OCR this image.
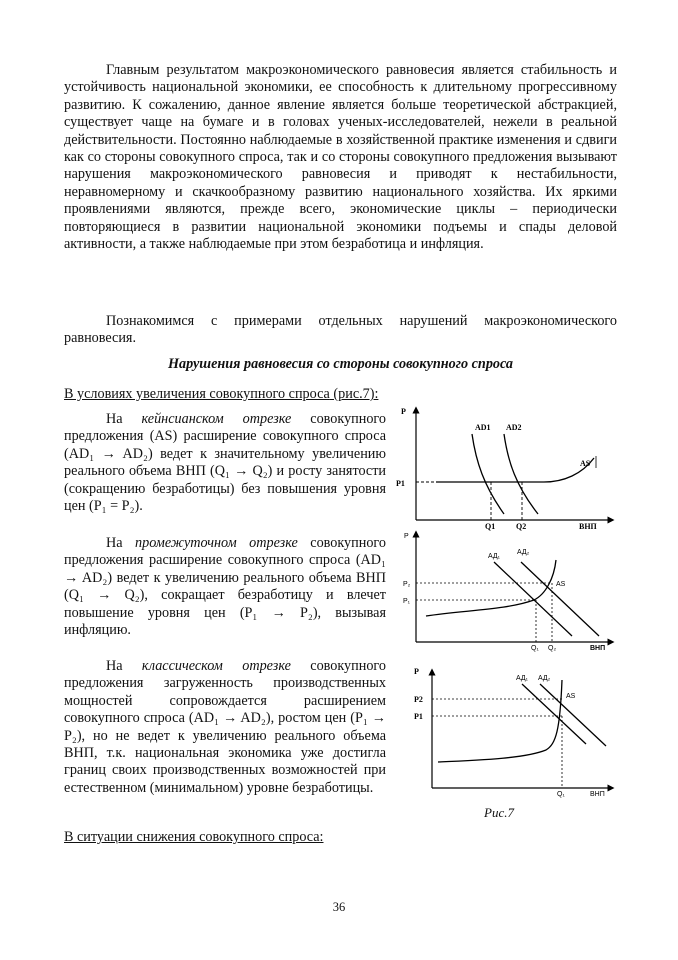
Главным результатом макроэкономического равновесия является стабильность и устойчивость национальной экономики, ее способность к длительному прогрессивному развитию. К сожалению, данное явление является больше теоретической абстракцией, существует чаще на бумаге и в головах ученых-исследователей, нежели в реальной действительности. Постоянно наблюдаемые в хозяйственной практике изменения и сдвиги как со стороны совокупного спроса, так и со стороны совокупного предложения вызывают нарушения макроэкономического равновесия и приводят к нестабильности, неравномерному и скачкообразному развитию национального хозяйства. Их яркими проявлениями являются, прежде всего, экономические циклы – периодически повторяющиеся в развитии национальной экономики подъемы и спады деловой активности, а также наблюдаемые при этом безработица и инфляция.
Познакомимся с примерами отдельных нарушений макроэкономического равновесия.
Нарушения равновесия со стороны совокупного спроса
В условиях увеличения совокупного спроса (рис.7):
На кейнсианском отрезке совокупного предложения (AS) расширение совокупного спроса (AD₁ → AD₂) ведет к значительному увеличению реального объема ВНП (Q₁ → Q₂) и росту занятости (сокращению безработицы) без повышения уровня цен (P₁ = P₂).
На промежуточном отрезке совокупного предложения расширение совокупного спроса (AD₁ → AD₂) ведет к увеличению реального объема ВНП (Q₁ → Q₂), сокращает безработицу и влечет повышение уровня цен (P₁ → P₂), вызывая инфляцию.
На классическом отрезке совокупного предложения загруженность производственных мощностей сопровождается расширением совокупного спроса (AD₁ → AD₂), ростом цен (P₁ → P₂), но не ведет к увеличению реального объема ВНП, т.к. национальная экономика уже достигла границ своих производственных возможностей при естественном (минимальном) уровне безработицы.
P
ВНП
AD1 AD2
AS
P1
Q1	Q2
P
ВНП
АД₁
АД₂
AS
P₂
P₁
Q₁ Q₂
P
ВНП
АД₁ АД₂
AS
P2
P1
Q₁
Рис.7
В ситуации снижения совокупного спроса:
36
